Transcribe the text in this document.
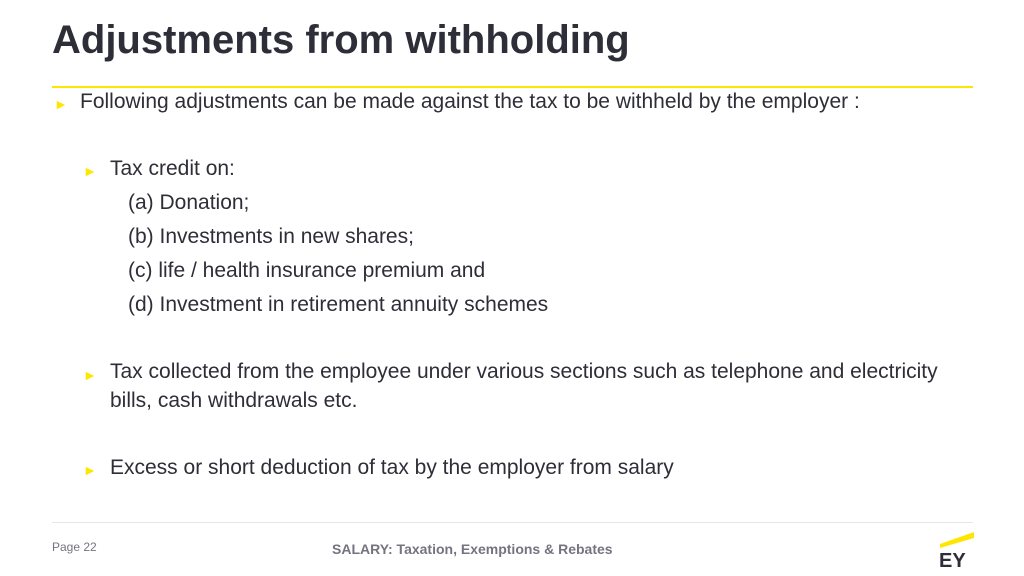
Adjustments from withholding
► Following adjustments can be made against the tax to be withheld by the employer :
► Tax credit on:
(a) Donation;
(b) Investments in new shares;
(c) life / health insurance premium and
(d) Investment in retirement annuity schemes
► Tax collected from the employee under various sections such as telephone and electricity bills, cash withdrawals etc.
► Excess or short deduction of tax by the employer from salary
Page 22	SALARY: Taxation, Exemptions & Rebates
EY
